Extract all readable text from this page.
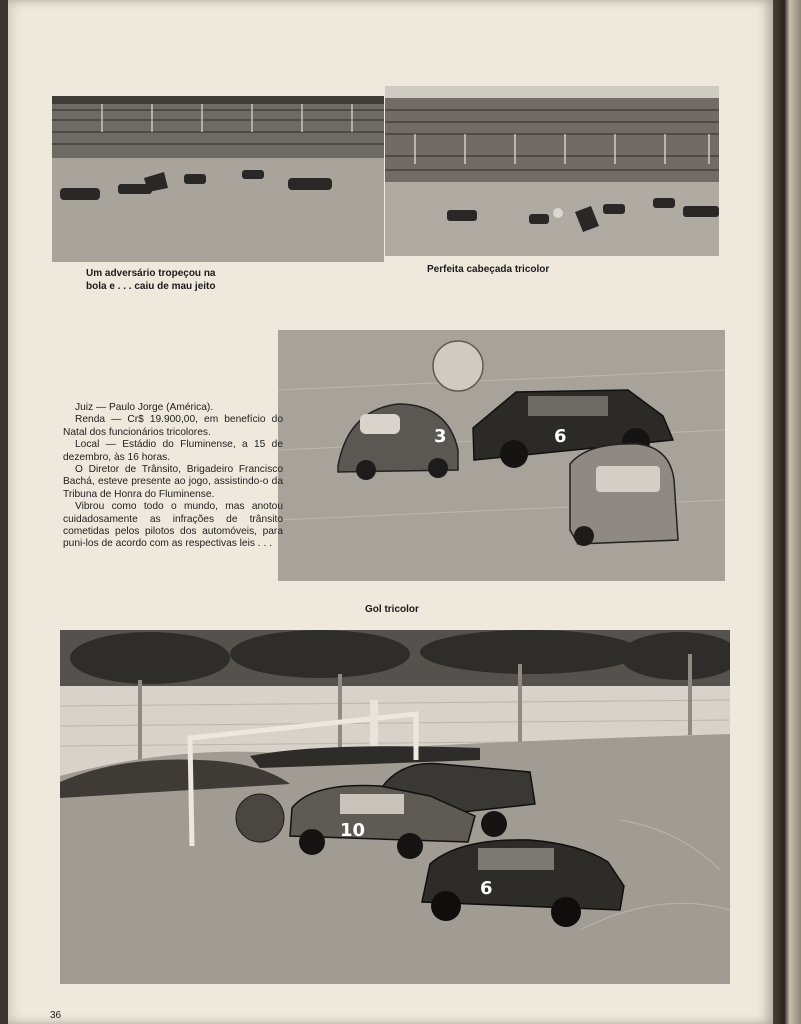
Um adversário tropeçou na
bola e . . . caiu de mau jeito
Perfeita cabeçada tricolor
3	6

Juiz — Paulo Jorge (América).

Renda — Cr$ 19.900,00, em benefício do Natal dos funcionários tricolores.

Local — Estádio do Fluminense, a 15 de dezembro, às 16 horas.

O Diretor de Trânsito, Brigadeiro Francisco Bachá, esteve presente ao jogo, assistindo-o da Tribuna de Honra do Fluminense.

Vibrou como todo o mundo, mas anotou cuidadosamente as infrações de trânsito cometidas pelos pilotos dos automóveis, para puni-los de acordo com as respectivas leis . . .

Gol tricolor
10
6
36
